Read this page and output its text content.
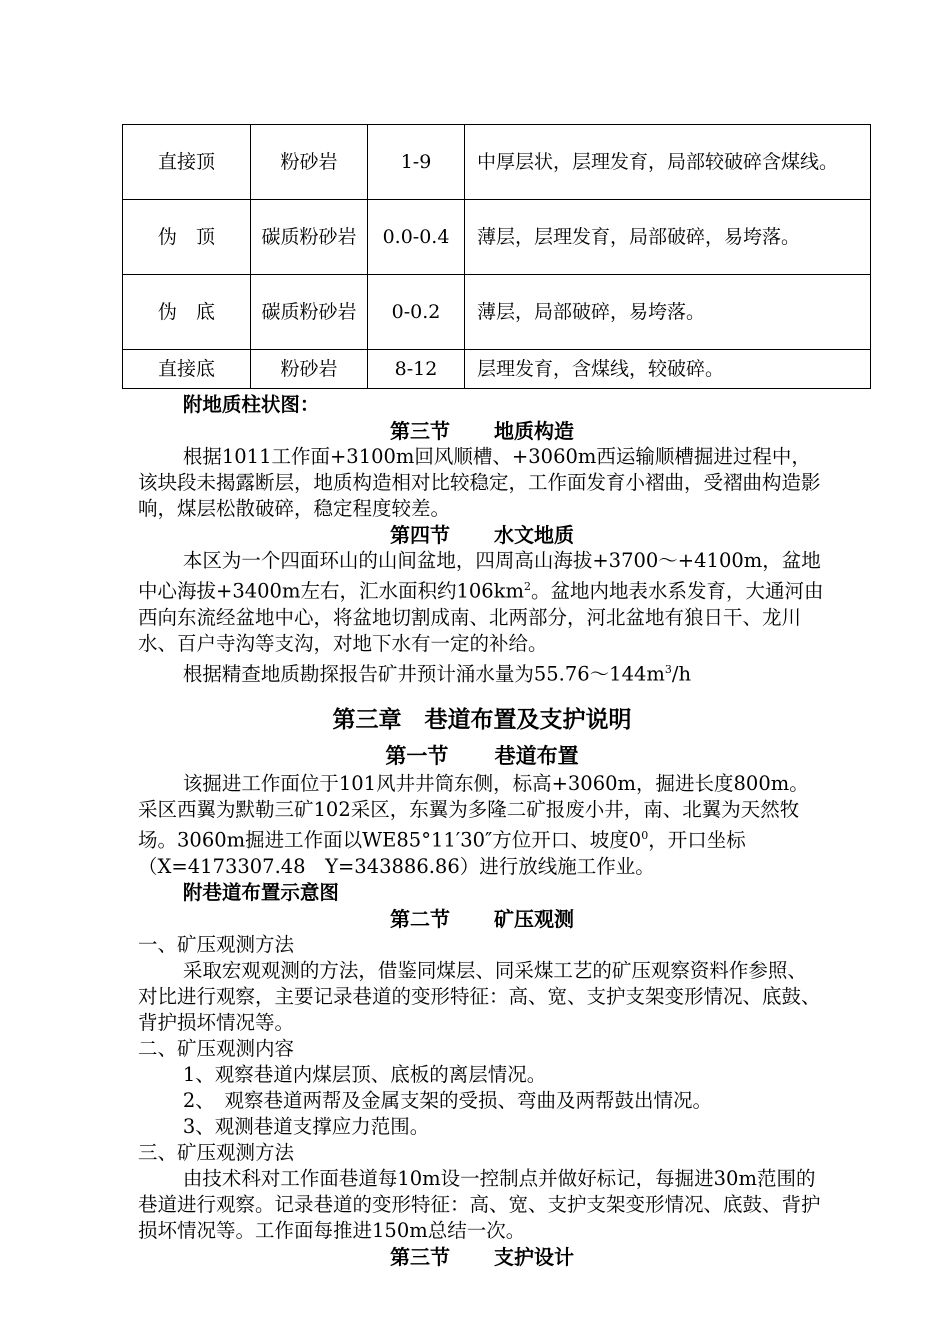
直接顶	粉砂岩	1-9	中厚层状，层理发育，局部较破碎含煤线。
伪　顶	碳质粉砂岩	0.0-0.4	薄层，层理发育，局部破碎，易垮落。
伪　底	碳质粉砂岩	0-0.2	薄层，局部破碎，易垮落。
直接底	粉砂岩	8-12	层理发育，含煤线，较破碎。

附地质柱状图：

第三节 地质构造

根据1011工作面+3100m回风顺槽、+3060m西运输顺槽掘进过程中，该块段未揭露断层，地质构造相对比较稳定，工作面发育小褶曲，受褶曲构造影响，煤层松散破碎，稳定程度较差。

第四节 水文地质

本区为一个四面环山的山间盆地，四周高山海拔+3700～+4100m，盆地中心海拔+3400m左右，汇水面积约$106km^2$。盆地内地表水系发育，大通河由西向东流经盆地中心，将盆地切割成南、北两部分，河北盆地有狼日干、龙川水、百户寺沟等支沟，对地下水有一定的补给。

根据精查地质勘探报告矿井预计涌水量为$55.76\sim 144m^3/h$

第三章　巷道布置及支护说明

第一节 巷道布置

该掘进工作面位于101风井井筒东侧，标高+3060m，掘进长度800m。采区西翼为默勒三矿102采区，东翼为多隆二矿报废小井，南、北翼为天然牧场。3060m掘进工作面以WE85°11′30″方位开口、坡度$0^0$，开口坐标（X=4173307.48　Y=343886.86）进行放线施工作业。

附巷道布置示意图

第二节 矿压观测

一、矿压观测方法

采取宏观观测的方法，借鉴同煤层、同采煤工艺的矿压观察资料作参照、对比进行观察，主要记录巷道的变形特征：高、宽、支护支架变形情况、底鼓、背护损坏情况等。

二、矿压观测内容

1、观察巷道内煤层顶、底板的离层情况。

2、　观察巷道两帮及金属支架的受损、弯曲及两帮鼓出情况。

3、观测巷道支撑应力范围。

三、矿压观测方法

由技术科对工作面巷道每10m设一控制点并做好标记，每掘进30m范围的巷道进行观察。记录巷道的变形特征：高、宽、支护支架变形情况、底鼓、背护损坏情况等。工作面每推进150m总结一次。

第三节 支护设计
